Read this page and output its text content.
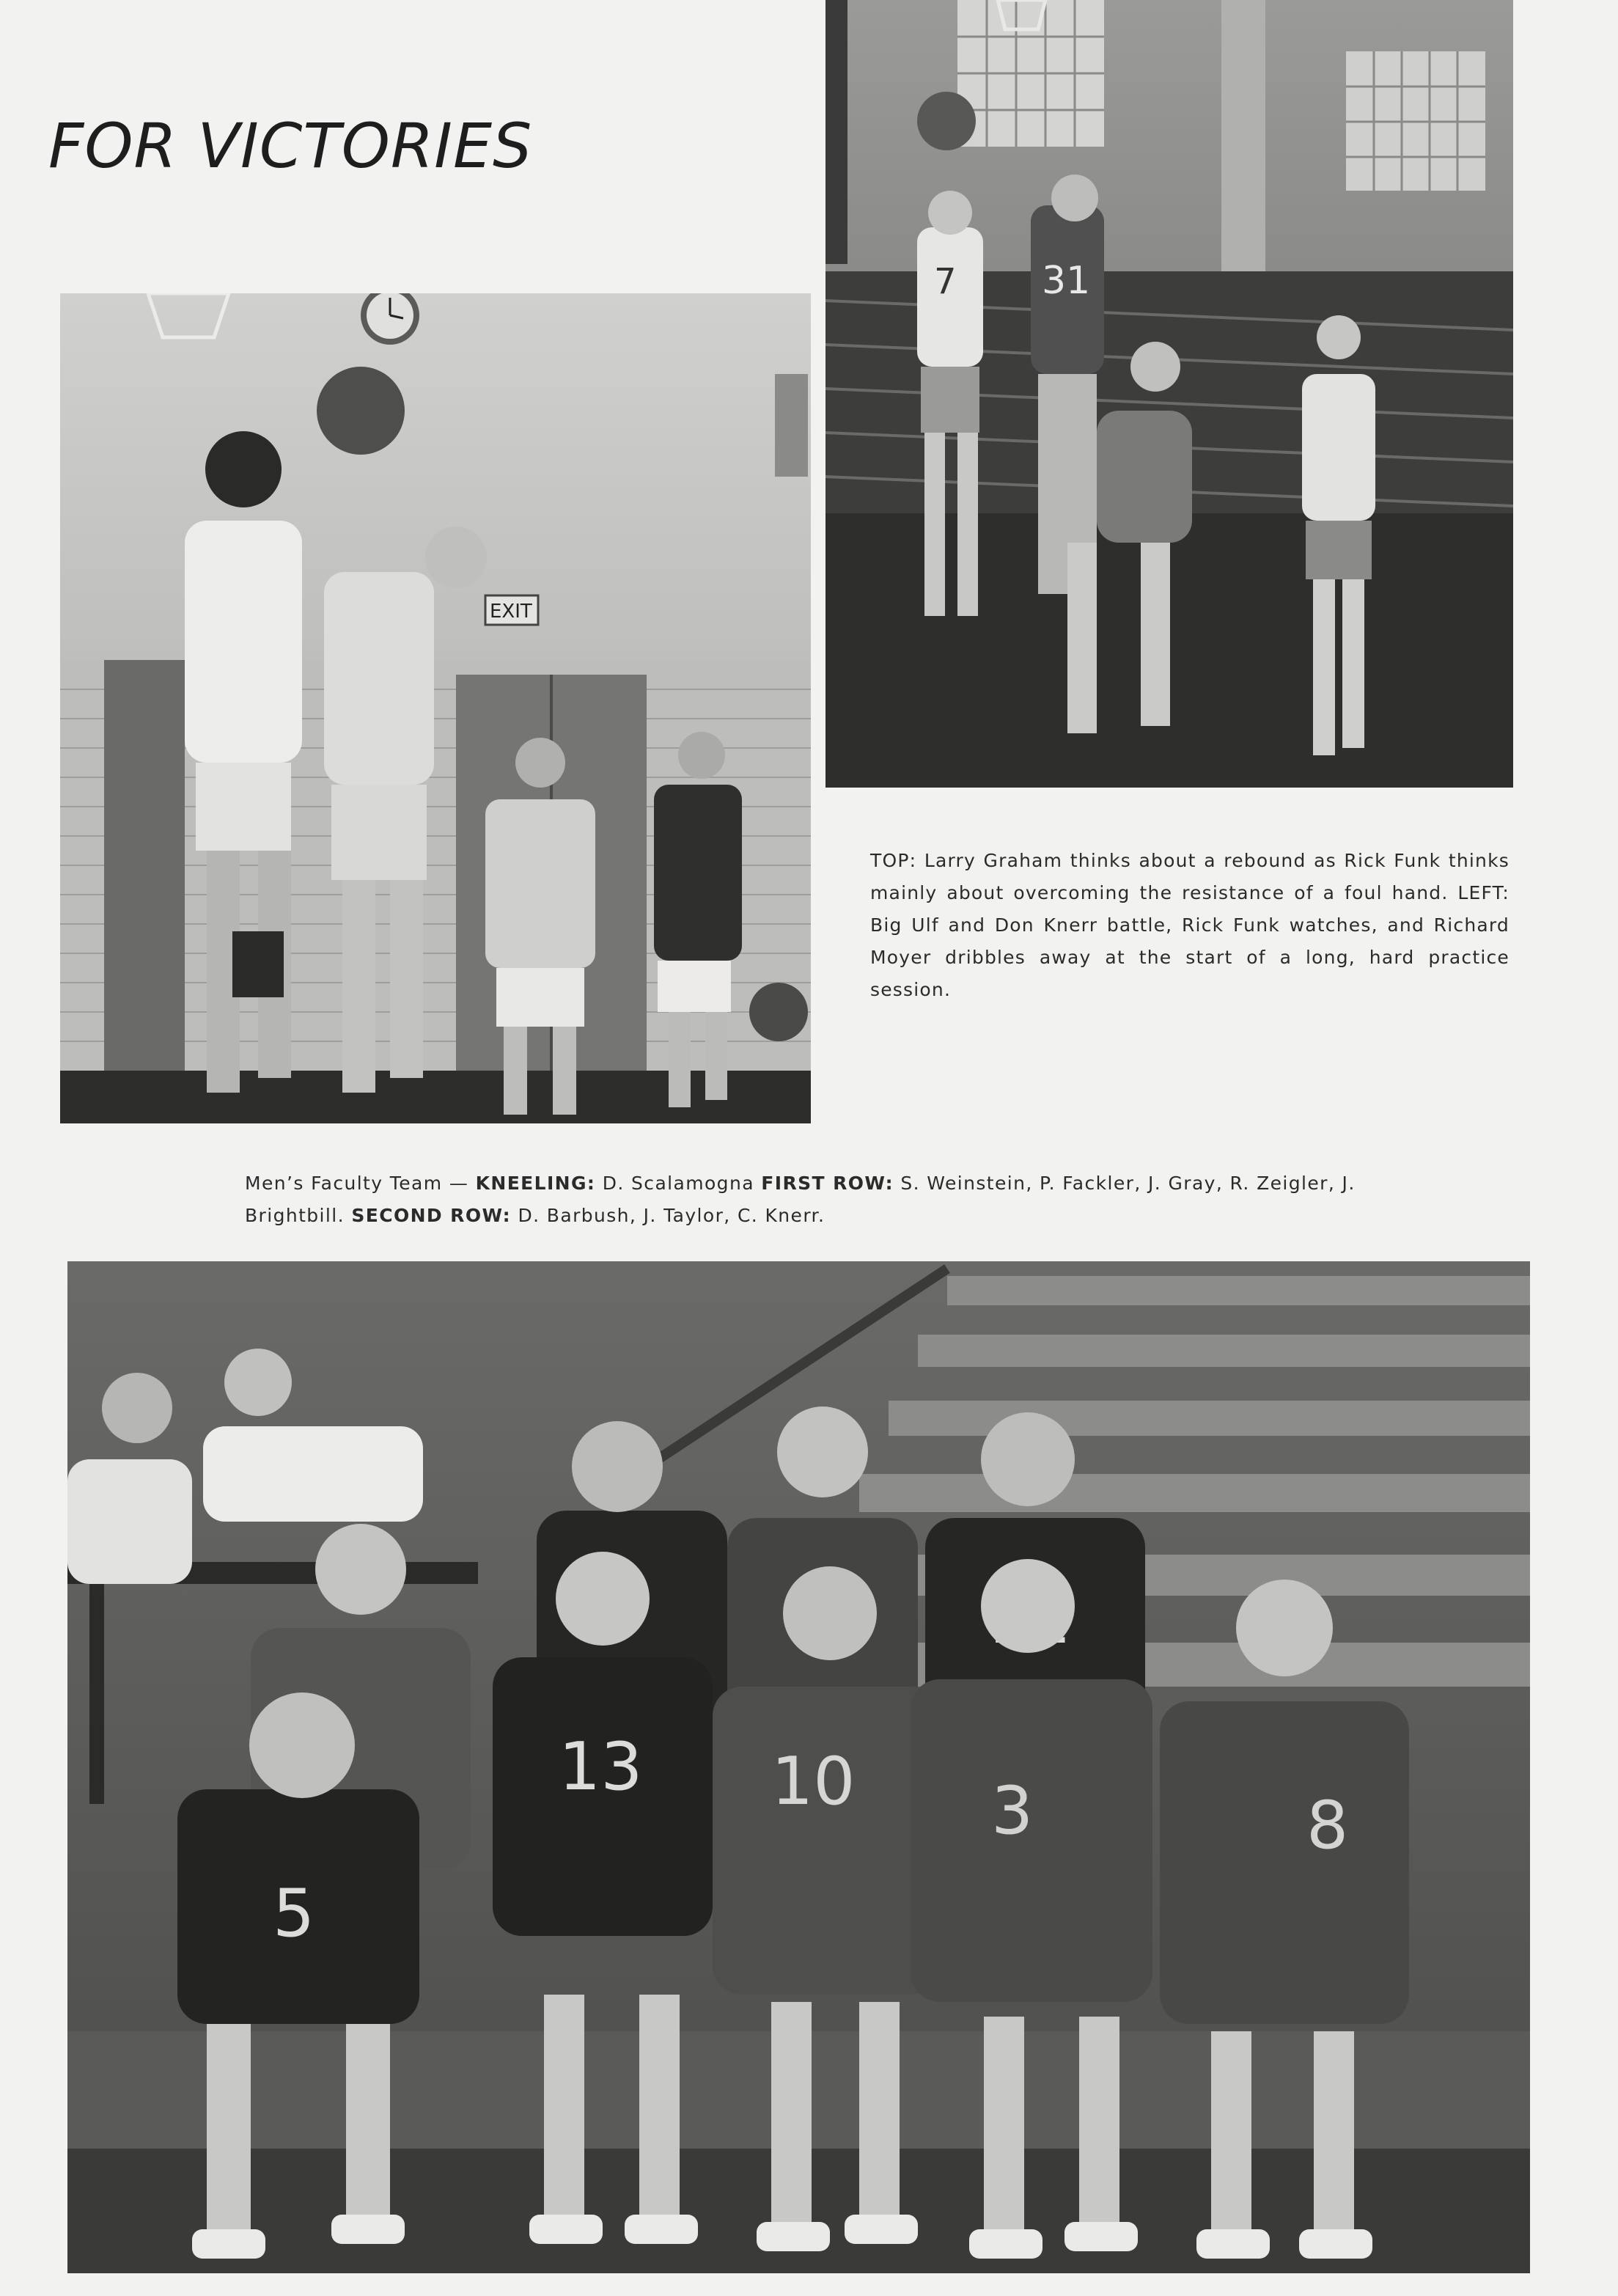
FOR VICTORIES
7 31
EXIT

TOP: Larry Graham thinks about a rebound as Rick Funk thinks mainly about overcoming the resistance of a foul hand. LEFT: Big Ulf and Don Knerr battle, Rick Funk watches, and Richard Moyer dribbles away at the start of a long, hard practice session.

Men’s Faculty Team — KNEELING: D. Scalamogna FIRST ROW: S. Weinstein, P. Fackler, J. Gray, R. Zeigler, J. Brightbill. SECOND ROW: D. Barbush, J. Taylor, C. Knerr.

13 10 3	8
5
